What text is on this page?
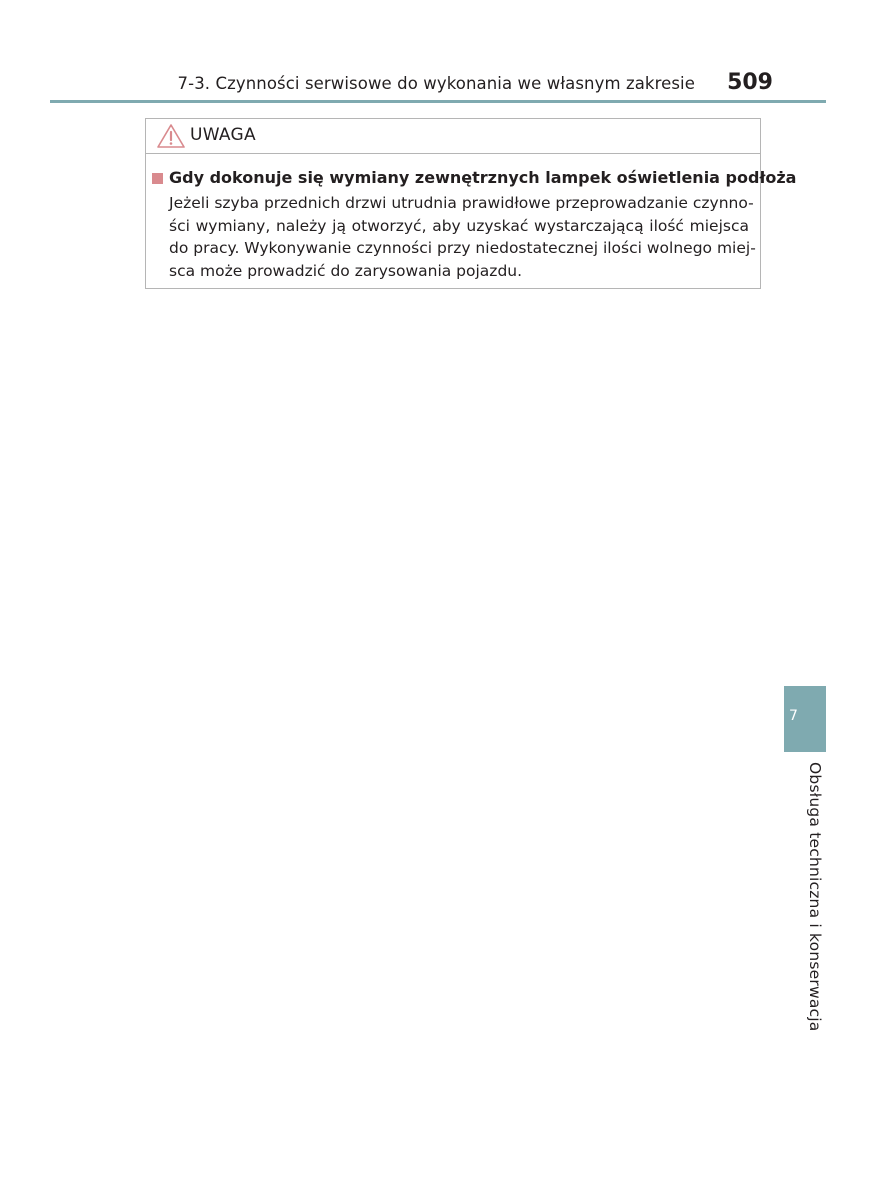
7-3. Czynności serwisowe do wykonania we własnym zakresie 509
UWAGA
Gdy dokonuje się wymiany zewnętrznych lampek oświetlenia podłoża
Jeżeli szyba przednich drzwi utrudnia prawidłowe przeprowadzanie czynno-
ści wymiany, należy ją otworzyć, aby uzyskać wystarczającą ilość miejsca
do pracy. Wykonywanie czynności przy niedostatecznej ilości wolnego miej-
sca może prowadzić do zarysowania pojazdu.
7
Obsługa techniczna i konserwacja
